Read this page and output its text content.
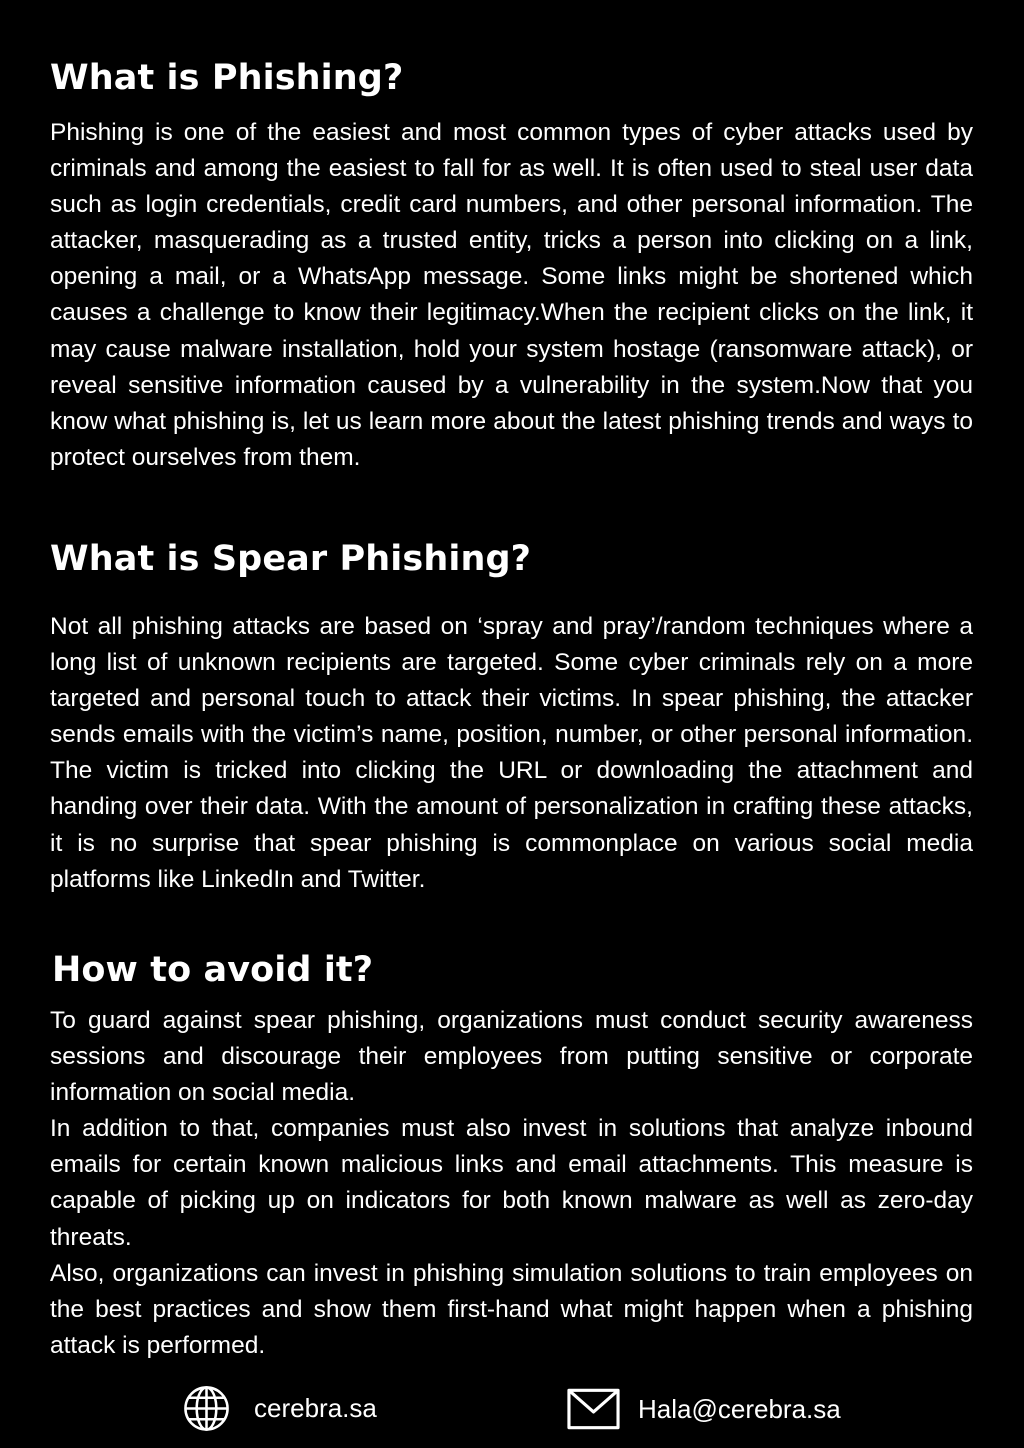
What is Phishing?

Phishing is one of the easiest and most common types of cyber attacks used by criminals and among the easiest to fall for as well. It is often used to steal user data such as login credentials, credit card numbers, and other personal information. The attacker, masquerading as a trusted entity, tricks a person into clicking on a link, opening a mail, or a WhatsApp message. Some links might be shortened which causes a challenge to know their legitimacy.When the recipient clicks on the link, it may cause malware installation, hold your system hostage (ransomware attack), or reveal sensitive information caused by a vulnerability in the system.Now that you know what phishing is, let us learn more about the latest phishing trends and ways to protect ourselves from them.

What is Spear Phishing?

Not all phishing attacks are based on ‘spray and pray’/random techniques where a long list of unknown recipients are targeted. Some cyber criminals rely on a more targeted and personal touch to attack their victims. In spear phishing, the attacker sends emails with the victim’s name, position, number, or other personal information. The victim is tricked into clicking the URL or downloading the attachment and handing over their data. With the amount of personalization in crafting these attacks, it is no surprise that spear phishing is commonplace on various social media platforms like LinkedIn and Twitter.

How to avoid it?

To guard against spear phishing, organizations must conduct security awareness sessions and discourage their employees from putting sensitive or corporate information on social media.

In addition to that, companies must also invest in solutions that analyze inbound emails for certain known malicious links and email attachments. This measure is capable of picking up on indicators for both known malware as well as zero-day threats.

Also, organizations can invest in phishing simulation solutions to train employees on the best practices and show them first-hand what might happen when a phishing attack is performed.

cerebra.sa	Hala@cerebra.sa
